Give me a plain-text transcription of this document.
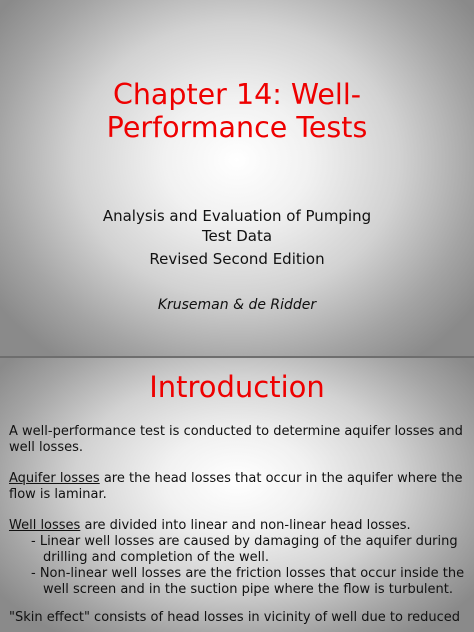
Chapter 14: Well-
Performance Tests
Analysis and Evaluation of Pumping
Test Data
Revised Second Edition
Kruseman & de Ridder
Introduction

A well-performance test is conducted to determine aquifer losses and well losses.

Aquifer losses are the head losses that occur in the aquifer where the flow is laminar.

Well losses are divided into linear and non-linear head losses.

- Linear well losses are caused by damaging of the aquifer during drilling and completion of the well.
- Non-linear well losses are the friction losses that occur inside the well screen and in the suction pipe where the flow is turbulent.

"Skin effect" consists of head losses in vicinity of well due to reduced
